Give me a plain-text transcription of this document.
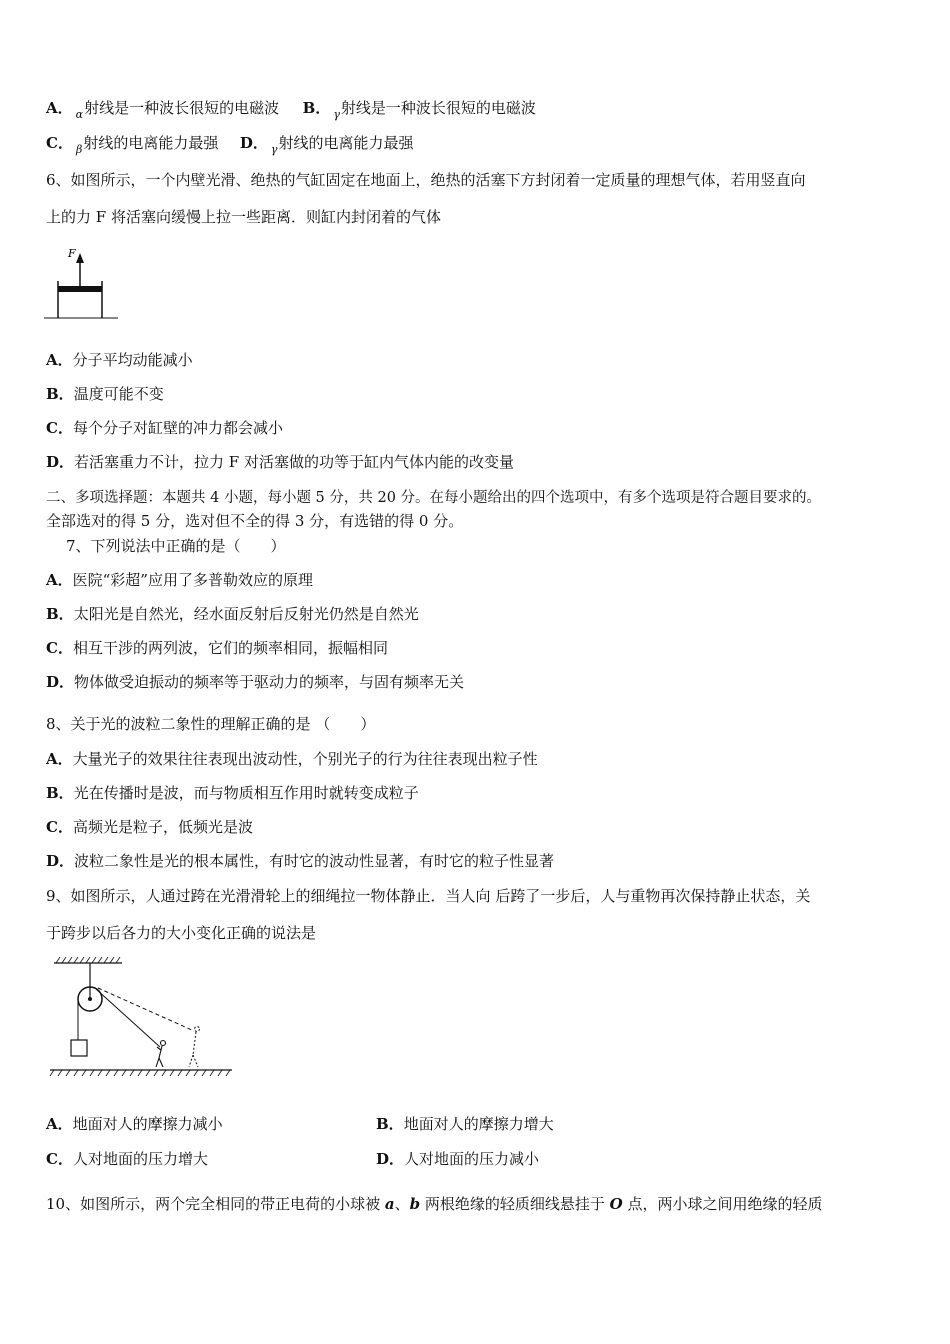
A． $_\alpha$射线是一种波长很短的电磁波 B． $_\gamma$射线是一种波长很短的电磁波
C． $_\beta$射线的电离能力最强 D． $_\gamma$射线的电离能力最强
6、如图所示，一个内壁光滑、绝热的气缸固定在地面上，绝热的活塞下方封闭着一定质量的理想气体，若用竖直向
上的力 F 将活塞向缓慢上拉一些距离．则缸内封闭着的气体
F
A．分子平均动能减小
B．温度可能不变
C．每个分子对缸壁的冲力都会减小
D．若活塞重力不计，拉力 F 对活塞做的功等于缸内气体内能的改变量
二、多项选择题：本题共 4 小题，每小题 5 分，共 20 分。在每小题给出的四个选项中，有多个选项是符合题目要求的。
全部选对的得 5 分，选对但不全的得 3 分，有选错的得 0 分。
7、下列说法中正确的是（　　）
A．医院“彩超”应用了多普勒效应的原理
B．太阳光是自然光，经水面反射后反射光仍然是自然光
C．相互干涉的两列波，它们的频率相同，振幅相同
D．物体做受迫振动的频率等于驱动力的频率，与固有频率无关
8、关于光的波粒二象性的理解正确的是 （　　）
A．大量光子的效果往往表现出波动性，个别光子的行为往往表现出粒子性
B．光在传播时是波，而与物质相互作用时就转变成粒子
C．高频光是粒子，低频光是波
D．波粒二象性是光的根本属性，有时它的波动性显著，有时它的粒子性显著
9、如图所示，人通过跨在光滑滑轮上的细绳拉一物体静止．当人向 后跨了一步后，人与重物再次保持静止状态，关
于跨步以后各力的大小变化正确的说法是
A．地面对人的摩擦力减小	B．地面对人的摩擦力增大
C．人对地面的压力增大	D．人对地面的压力减小
10、如图所示，两个完全相同的带正电荷的小球被 a、b 两根绝缘的轻质细线悬挂于 O 点，两小球之间用绝缘的轻质
